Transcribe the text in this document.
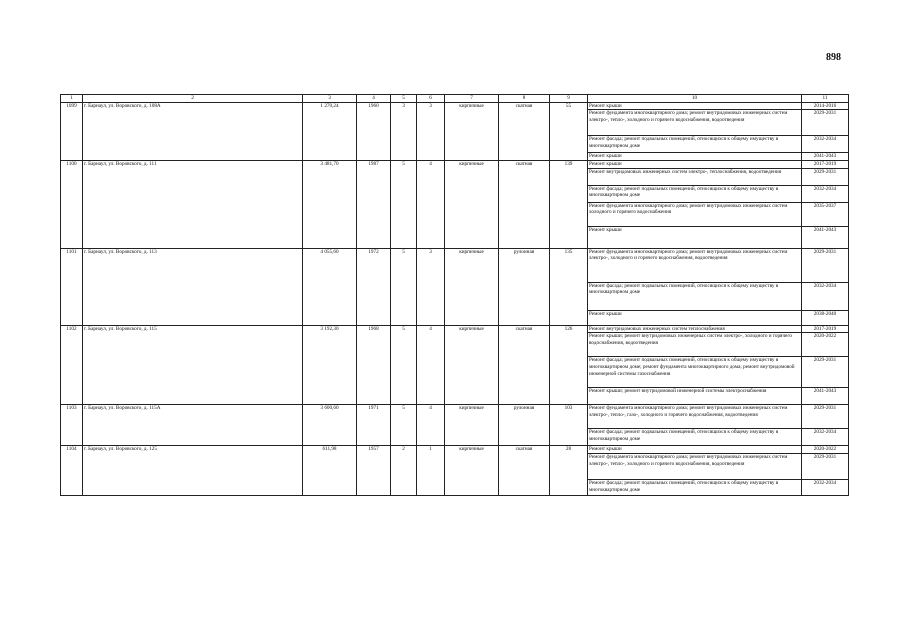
898
1	2	3	4	5	6	7	8	9	10	11
1099	г. Барнаул, ул. Воровского, д. 108А	1 270,24	1960	3	3	кирпичные	скатная	55	Ремонт крыши	2014-2016
									Ремонт фундамента многоквартирного дома; ремонт внутридомовых инженерных систем электро-, тепло-, холодного и горячего водоснабжения, водоотведения	2029-2031
									Ремонт фасада; ремонт подвальных помещений, относящихся к общему имуществу в многоквартирном доме	2032-2034
									Ремонт крыши	2041-2043
1100	г. Барнаул, ул. Воровского, д. 111	3 481,70	1987	5	4	кирпичные	скатная	139	Ремонт крыши	2017-2019
									Ремонт внутридомовых инженерных систем электро-, теплоснабжения, водоотведения	2029-2031
									Ремонт фасада; ремонт подвальных помещений, относящихся к общему имуществу в многоквартирном доме	2032-2034
									Ремонт фундамента многоквартирного дома; ремонт внутридомовых инженерных систем холодного и горячего водоснабжения	2035-2037
									Ремонт крыши	2041-2043
1101	г. Барнаул, ул. Воровского, д. 113	4 055,60	1972	5	3	кирпичные	рулонная	135	Ремонт фундамента многоквартирного дома; ремонт внутридомовых инженерных систем электро-, холодного и горячего водоснабжения, водоотведения	2029-2031
									Ремонт фасада; ремонт подвальных помещений, относящихся к общему имуществу в многоквартирном доме	2032-2034
									Ремонт крыши	2038-2040
1102	г. Барнаул, ул. Воровского, д. 115	3 192,30	1968	5	4	кирпичные	скатная	126	Ремонт внутридомовых инженерных систем теплоснабжения	2017-2019
									Ремонт крыши; ремонт внутридомовых инженерных систем электро-, холодного и горячего водоснабжения, водоотведения	2020-2022
									Ремонт фасада; ремонт подвальных помещений, относящихся к общему имуществу в многоквартирном доме; ремонт фундамента многоквартирного дома; ремонт внутридомовой инженерной системы газоснабжения	2029-2031
									Ремонт крыши; ремонт внутридомовой инженерной системы электроснабжения	2041-2043
1103	г. Барнаул, ул. Воровского, д. 115А	3 600,60	1971	5	4	кирпичные	рулонная	103	Ремонт фундамента многоквартирного дома; ремонт внутридомовых инженерных систем электро-, тепло-, газо-, холодного и горячего водоснабжения, водоотведения	2029-2031
									Ремонт фасада; ремонт подвальных помещений, относящихся к общему имуществу в многоквартирном доме	2032-2034
1104	г. Барнаул, ул. Воровского, д. 125	611,98	1957	2	1	кирпичные	скатная	28	Ремонт крыши	2020-2022
									Ремонт фундамента многоквартирного дома; ремонт внутридомовых инженерных систем электро-, тепло-, холодного и горячего водоснабжения, водоотведения	2029-2031
									Ремонт фасада; ремонт подвальных помещений, относящихся к общему имуществу в многоквартирном доме	2032-2034
